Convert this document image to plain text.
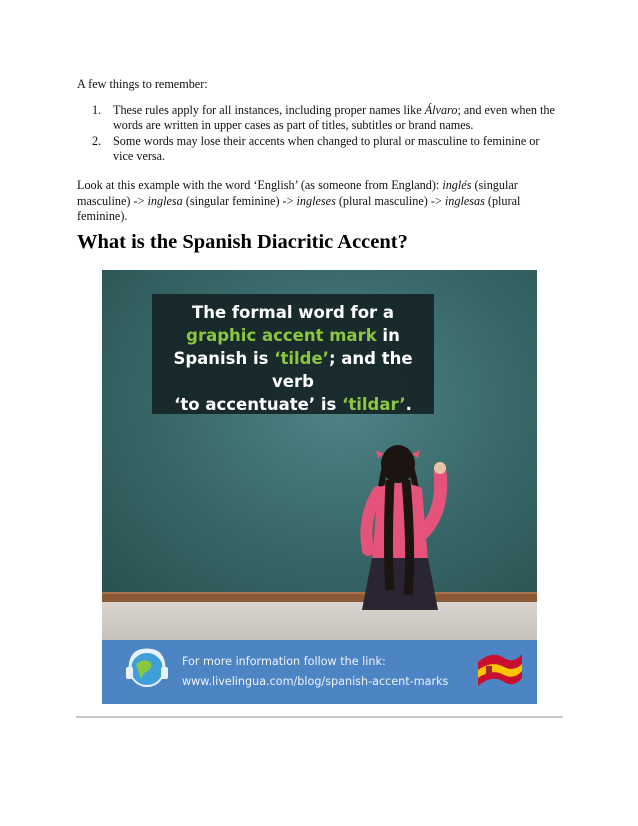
A few things to remember:
1. These rules apply for all instances, including proper names like Álvaro; and even when the words are written in upper cases as part of titles, subtitles or brand names.
2. Some words may lose their accents when changed to plural or masculine to feminine or vice versa.

Look at this example with the word ‘English’ (as someone from England): inglés (singular masculine) -> inglesa (singular feminine) -> ingleses (plural masculine) -> inglesas (plural feminine).

What is the Spanish Diacritic Accent?
The formal word for a
graphic accent mark in
Spanish is ‘tilde’; and the verb
‘to accentuate’ is ‘tildar’.
For more information follow the link:
www.livelingua.com/blog/spanish-accent-marks
